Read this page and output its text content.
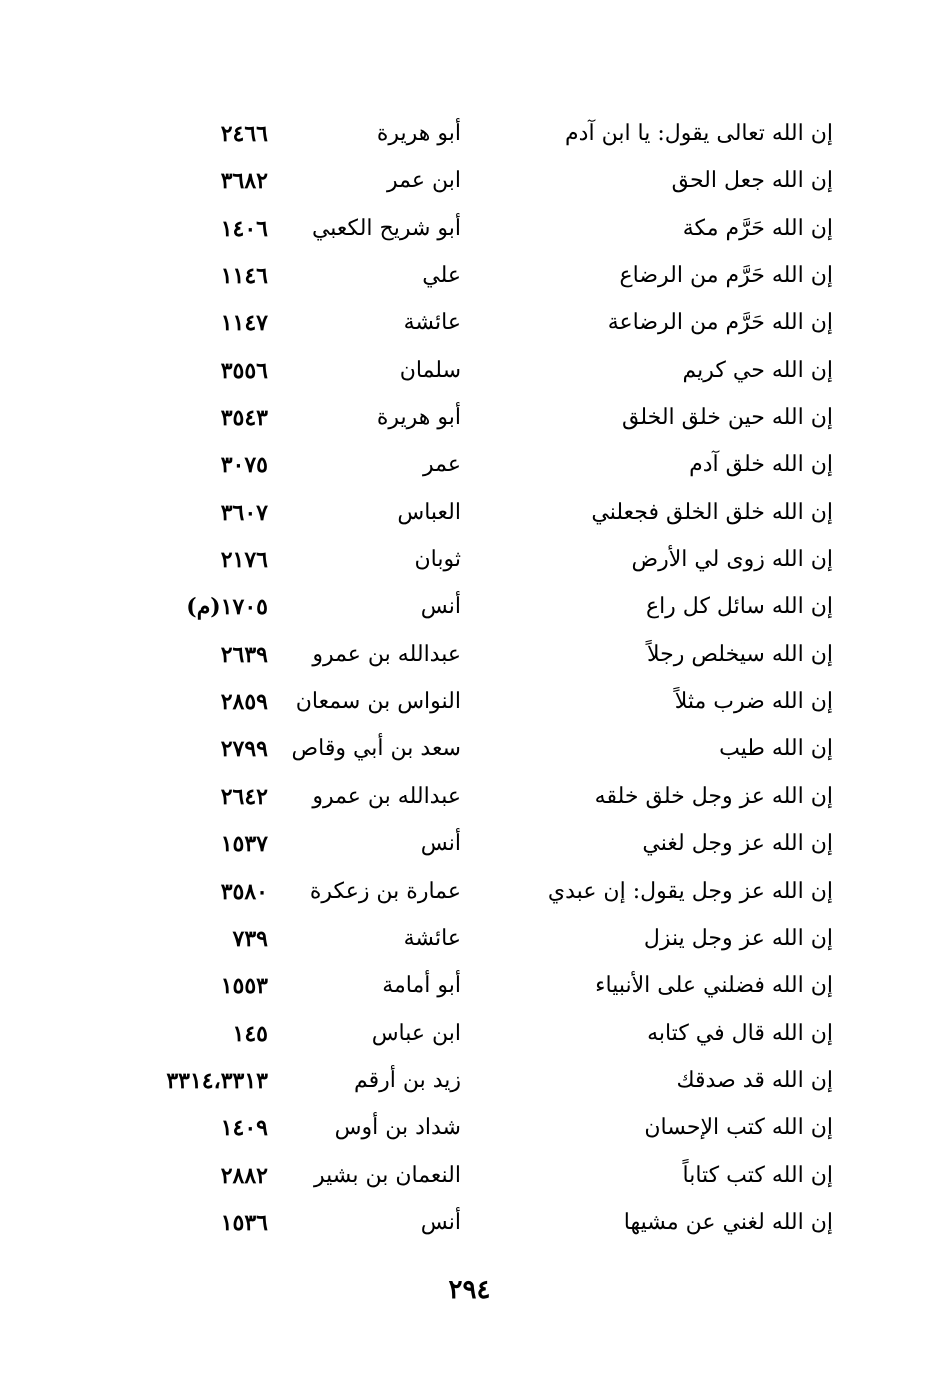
إن الله تعالى يقول: يا ابن آدم
أبو هريرة
٢٤٦٦
إن الله جعل الحق
ابن عمر
٣٦٨٢
إن الله حَرَّم مكة
أبو شريح الكعبي
١٤٠٦
إن الله حَرَّم من الرضاع
علي
١١٤٦
إن الله حَرَّم من الرضاعة
عائشة
١١٤٧
إن الله حي كريم
سلمان
٣٥٥٦
إن الله حين خلق الخلق
أبو هريرة
٣٥٤٣
إن الله خلق آدم
عمر
٣٠٧٥
إن الله خلق الخلق فجعلني
العباس
٣٦٠٧
إن الله زوى لي الأرض
ثوبان
٢١٧٦
إن الله سائل كل راع
أنس
١٧٠٥(م)
إن الله سيخلص رجلاً
عبدالله بن عمرو
٢٦٣٩
إن الله ضرب مثلاً
النواس بن سمعان
٢٨٥٩
إن الله طيب
سعد بن أبي وقاص
٢٧٩٩
إن الله عز وجل خلق خلقه
عبدالله بن عمرو
٢٦٤٢
إن الله عز وجل لغني
أنس
١٥٣٧
إن الله عز وجل يقول: إن عبدي
عمارة بن زعكرة
٣٥٨٠
إن الله عز وجل ينزل
عائشة
٧٣٩
إن الله فضلني على الأنبياء
أبو أمامة
١٥٥٣
إن الله قال في كتابه
ابن عباس
١٤٥
إن الله قد صدقك
زيد بن أرقم
٣٣١٤،٣٣١٣
إن الله كتب الإحسان
شداد بن أوس
١٤٠٩
إن الله كتب كتاباً
النعمان بن بشير
٢٨٨٢
إن الله لغني عن مشيها
أنس
١٥٣٦
٢٩٤
